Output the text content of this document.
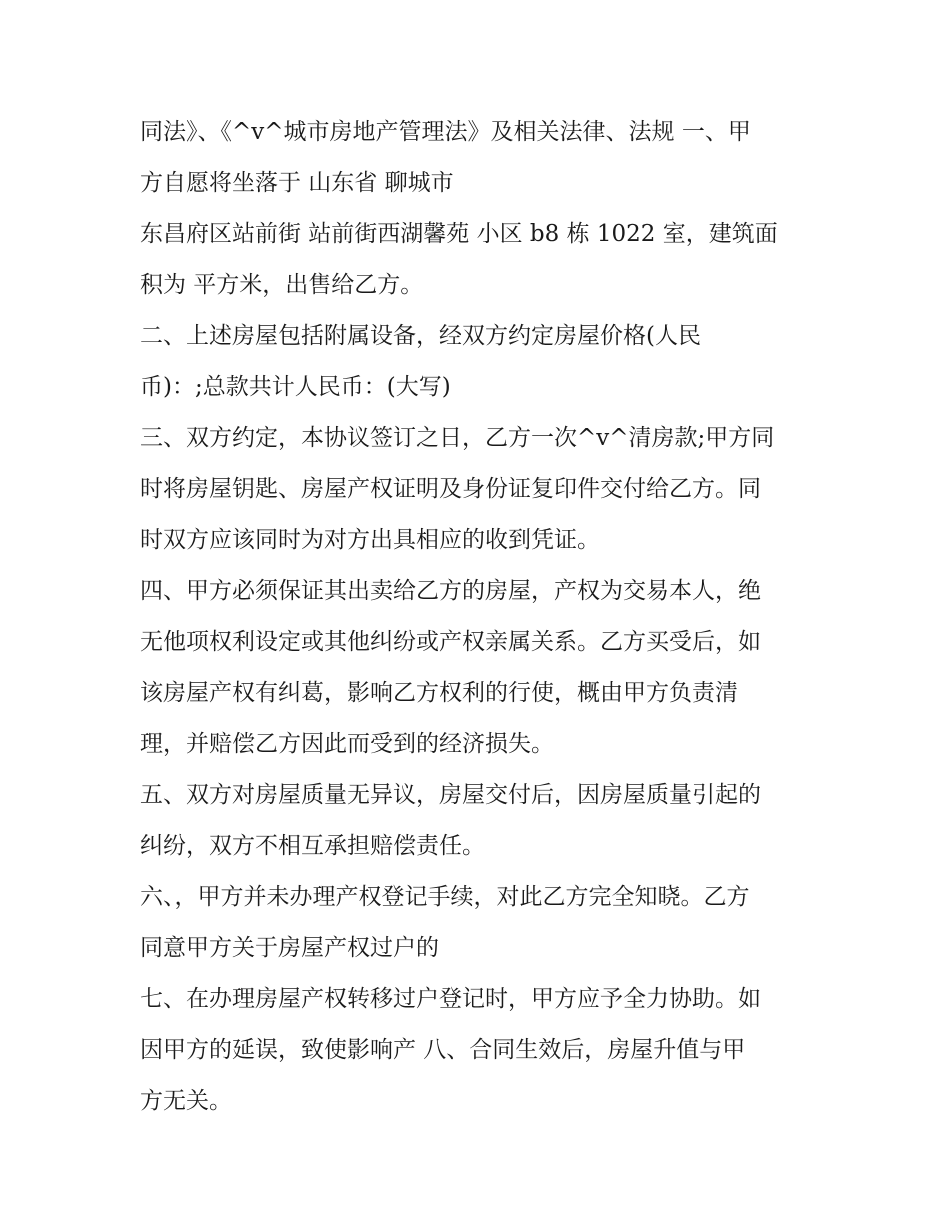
同法》、《^v^城市房地产管理法》及相关法律、法规 一、甲

方自愿将坐落于 山东省 聊城市

东昌府区站前街 站前街西湖馨苑 小区 b8 栋 1022 室，建筑面

积为 平方米，出售给乙方。

二、上述房屋包括附属设备，经双方约定房屋价格(人民

币)：;总款共计人民币：(大写)

三、双方约定，本协议签订之日，乙方一次^v^清房款;甲方同

时将房屋钥匙、房屋产权证明及身份证复印件交付给乙方。同

时双方应该同时为对方出具相应的收到凭证。

四、甲方必须保证其出卖给乙方的房屋，产权为交易本人，绝

无他项权利设定或其他纠纷或产权亲属关系。乙方买受后，如

该房屋产权有纠葛，影响乙方权利的行使，概由甲方负责清

理，并赔偿乙方因此而受到的经济损失。

五、双方对房屋质量无异议，房屋交付后，因房屋质量引起的

纠纷，双方不相互承担赔偿责任。

六、，甲方并未办理产权登记手续，对此乙方完全知晓。乙方

同意甲方关于房屋产权过户的

七、在办理房屋产权转移过户登记时，甲方应予全力协助。如

因甲方的延误，致使影响产 八、合同生效后，房屋升值与甲

方无关。
